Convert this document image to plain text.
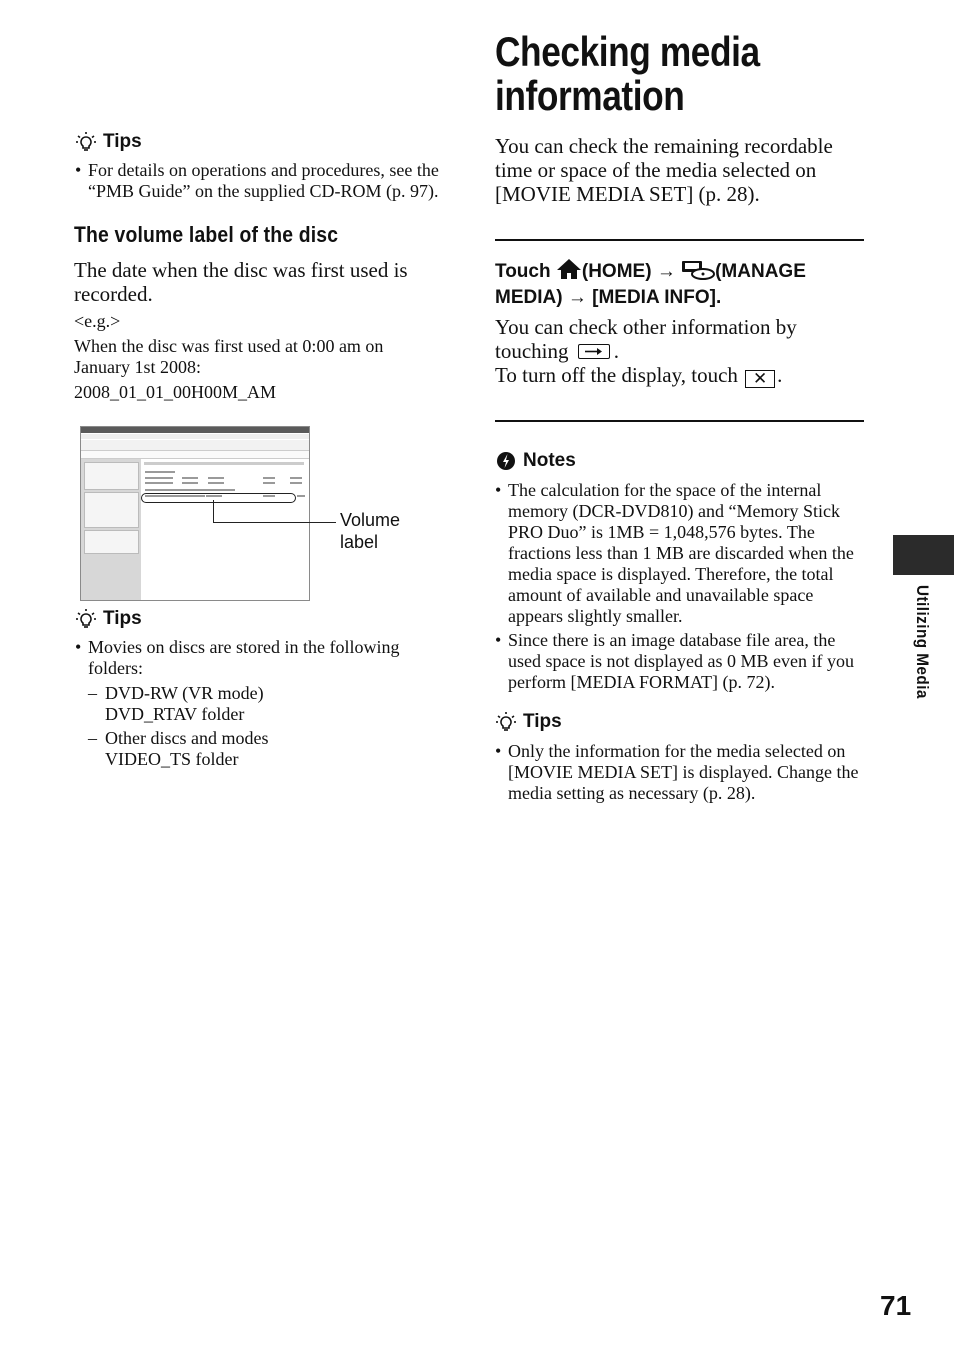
Tips
• For details on operations and procedures, see the “PMB Guide” on the supplied CD-ROM (p. 97).
The volume label of the disc
The date when the disc was first used is recorded.
<e.g.>
When the disc was first used at 0:00 am on January 1st 2008:
2008_01_01_00H00M_AM
Volume
label
Tips
• Movies on discs are stored in the following folders:
– DVD-RW (VR mode)
DVD_RTAV folder
– Other discs and modes
VIDEO_TS folder
Checking media
information
You can check the remaining recordable time or space of the media selected on [MOVIE MEDIA SET] (p. 28).
Touch (HOME) → (MANAGE MEDIA) → [MEDIA INFO].
You can check other information by touching .
To turn off the display, touch ✕ .
Notes
• The calculation for the space of the internal memory (DCR-DVD810) and “Memory Stick PRO Duo” is 1MB = 1,048,576 bytes. The fractions less than 1 MB are discarded when the media space is displayed. Therefore, the total amount of available and unavailable space appears slightly smaller.
• Since there is an image database file area, the used space is not displayed as 0 MB even if you perform [MEDIA FORMAT] (p. 72).
Tips
• Only the information for the media selected on [MOVIE MEDIA SET] is displayed. Change the media setting as necessary (p. 28).
Utilizing Media
71
